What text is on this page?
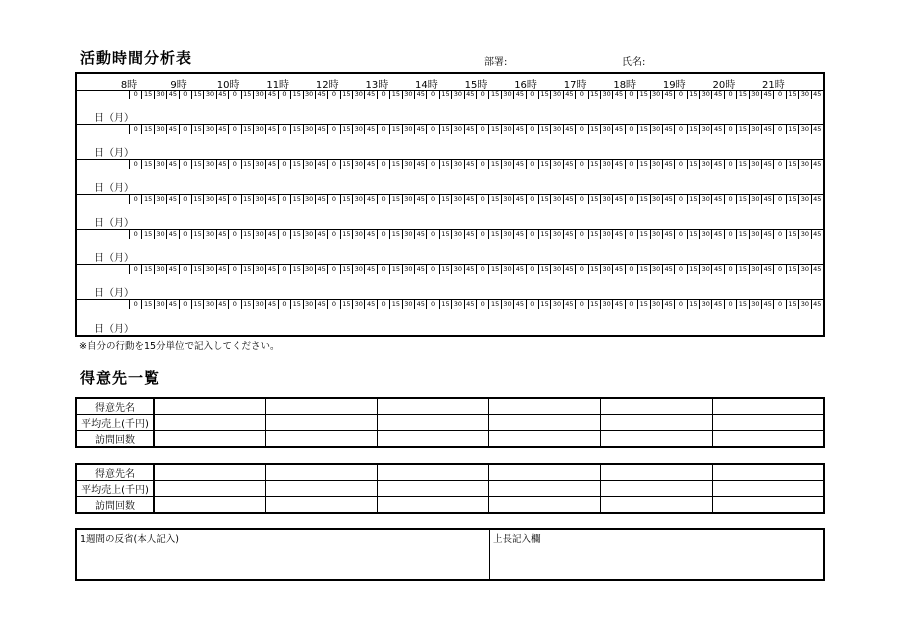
活動時間分析表	部署:	氏名:
8時	9時	10時	11時	12時	13時	14時	15時	16時	17時	18時	19時	20時	21時
0 15 30 45 0 15 30 45 0 15 30 45 0 15 30 45 0 15 30 45 0 15 30 45 0 15 30 45 0 15 30 45 0 15 30 45 0 15 30 45 0 15 30 45 0 15 30 45 0 15 30 45 0 15 30 45
日（月）
0 15 30 45 0 15 30 45 0 15 30 45 0 15 30 45 0 15 30 45 0 15 30 45 0 15 30 45 0 15 30 45 0 15 30 45 0 15 30 45 0 15 30 45 0 15 30 45 0 15 30 45 0 15 30 45
日（月）
0 15 30 45 0 15 30 45 0 15 30 45 0 15 30 45 0 15 30 45 0 15 30 45 0 15 30 45 0 15 30 45 0 15 30 45 0 15 30 45 0 15 30 45 0 15 30 45 0 15 30 45 0 15 30 45
日（月）
0 15 30 45 0 15 30 45 0 15 30 45 0 15 30 45 0 15 30 45 0 15 30 45 0 15 30 45 0 15 30 45 0 15 30 45 0 15 30 45 0 15 30 45 0 15 30 45 0 15 30 45 0 15 30 45
日（月）
0 15 30 45 0 15 30 45 0 15 30 45 0 15 30 45 0 15 30 45 0 15 30 45 0 15 30 45 0 15 30 45 0 15 30 45 0 15 30 45 0 15 30 45 0 15 30 45 0 15 30 45 0 15 30 45
日（月）
0 15 30 45 0 15 30 45 0 15 30 45 0 15 30 45 0 15 30 45 0 15 30 45 0 15 30 45 0 15 30 45 0 15 30 45 0 15 30 45 0 15 30 45 0 15 30 45 0 15 30 45 0 15 30 45
日（月）
0 15 30 45 0 15 30 45 0 15 30 45 0 15 30 45 0 15 30 45 0 15 30 45 0 15 30 45 0 15 30 45 0 15 30 45 0 15 30 45 0 15 30 45 0 15 30 45 0 15 30 45 0 15 30 45
日（月）
※自分の行動を15分単位で記入してください。
得意先一覧
得意先名						
平均売上(千円)						
訪問回数						
得意先名						
平均売上(千円)						
訪問回数						
1週間の反省(本人記入)	上長記入欄
